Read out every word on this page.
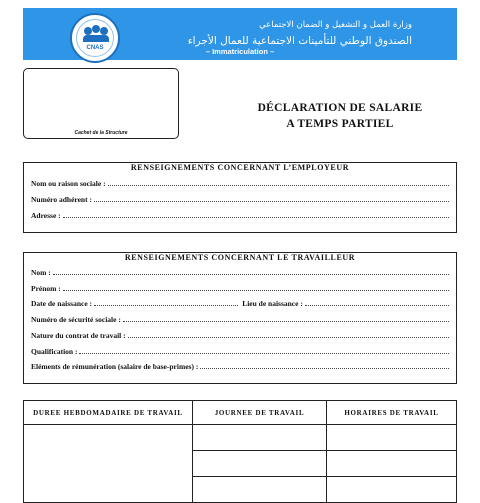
CNAS
وزارة العمل و التشغيل و الضمان الاجتماعي
الصندوق الوطني للتأمينات الاجتماعية للعمال الأجراء
– Immatriculation –
Cachet de la Structure
DÉCLARATION DE SALARIE
A TEMPS PARTIEL
RENSEIGNEMENTS CONCERNANT L’EMPLOYEUR
Nom ou raison sociale :
Numéro adhérent :
Adresse :
RENSEIGNEMENTS CONCERNANT LE TRAVAILLEUR
Nom :
Prénom :
Date de naissance :	Lieu de naissance :
Numéro de sécurité sociale :
Nature du contrat de travail :
Qualification :
Eléments de rémunération (salaire de base-primes) :
DUREE HEBDOMADAIRE DE TRAVAIL	JOURNEE DE TRAVAIL	HORAIRES DE TRAVAIL
